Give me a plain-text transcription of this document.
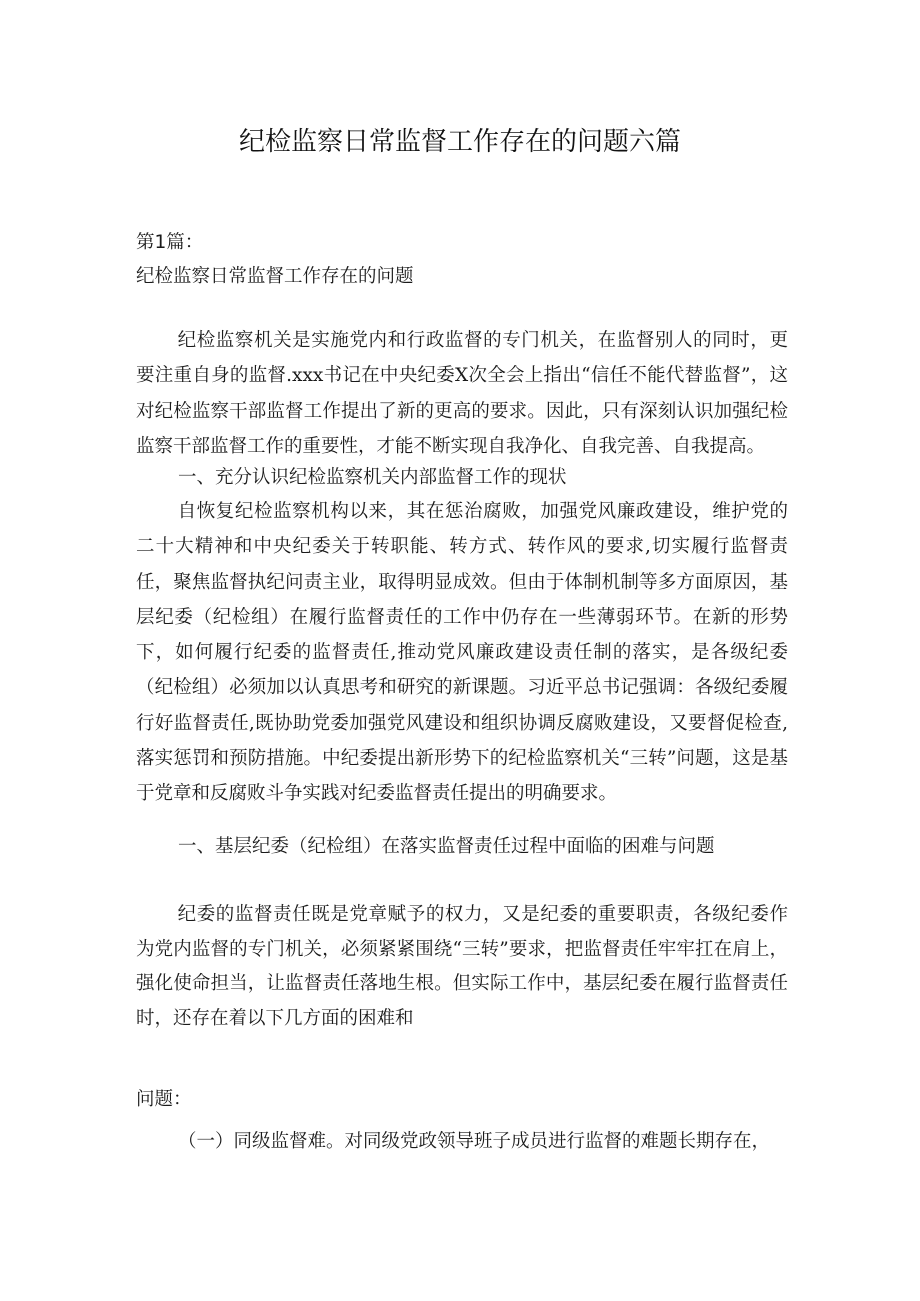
纪检监察日常监督工作存在的问题六篇
第1篇：
纪检监察日常监督工作存在的问题
纪检监察机关是实施党内和行政监督的专门机关，在监督别人的同时，更要注重自身的监督.xxx书记在中央纪委X次全会上指出“信任不能代替监督”，这对纪检监察干部监督工作提出了新的更高的要求。因此，只有深刻认识加强纪检监察干部监督工作的重要性，才能不断实现自我净化、自我完善、自我提高。
一、充分认识纪检监察机关内部监督工作的现状
自恢复纪检监察机构以来，其在惩治腐败，加强党风廉政建设，维护党的二十大精神和中央纪委关于转职能、转方式、转作风的要求,切实履行监督责任，聚焦监督执纪问责主业，取得明显成效。但由于体制机制等多方面原因，基层纪委（纪检组）在履行监督责任的工作中仍存在一些薄弱环节。在新的形势下，如何履行纪委的监督责任,推动党风廉政建设责任制的落实，是各级纪委（纪检组）必须加以认真思考和研究的新课题。习近平总书记强调：各级纪委履行好监督责任,既协助党委加强党风建设和组织协调反腐败建设，又要督促检查,落实惩罚和预防措施。中纪委提出新形势下的纪检监察机关“三转”问题，这是基于党章和反腐败斗争实践对纪委监督责任提出的明确要求。
一、基层纪委（纪检组）在落实监督责任过程中面临的困难与问题
纪委的监督责任既是党章赋予的权力，又是纪委的重要职责，各级纪委作为党内监督的专门机关，必须紧紧围绕“三转”要求，把监督责任牢牢扛在肩上，强化使命担当，让监督责任落地生根。但实际工作中，基层纪委在履行监督责任时，还存在着以下几方面的困难和
问题：
（一）同级监督难。对同级党政领导班子成员进行监督的难题长期存在，
